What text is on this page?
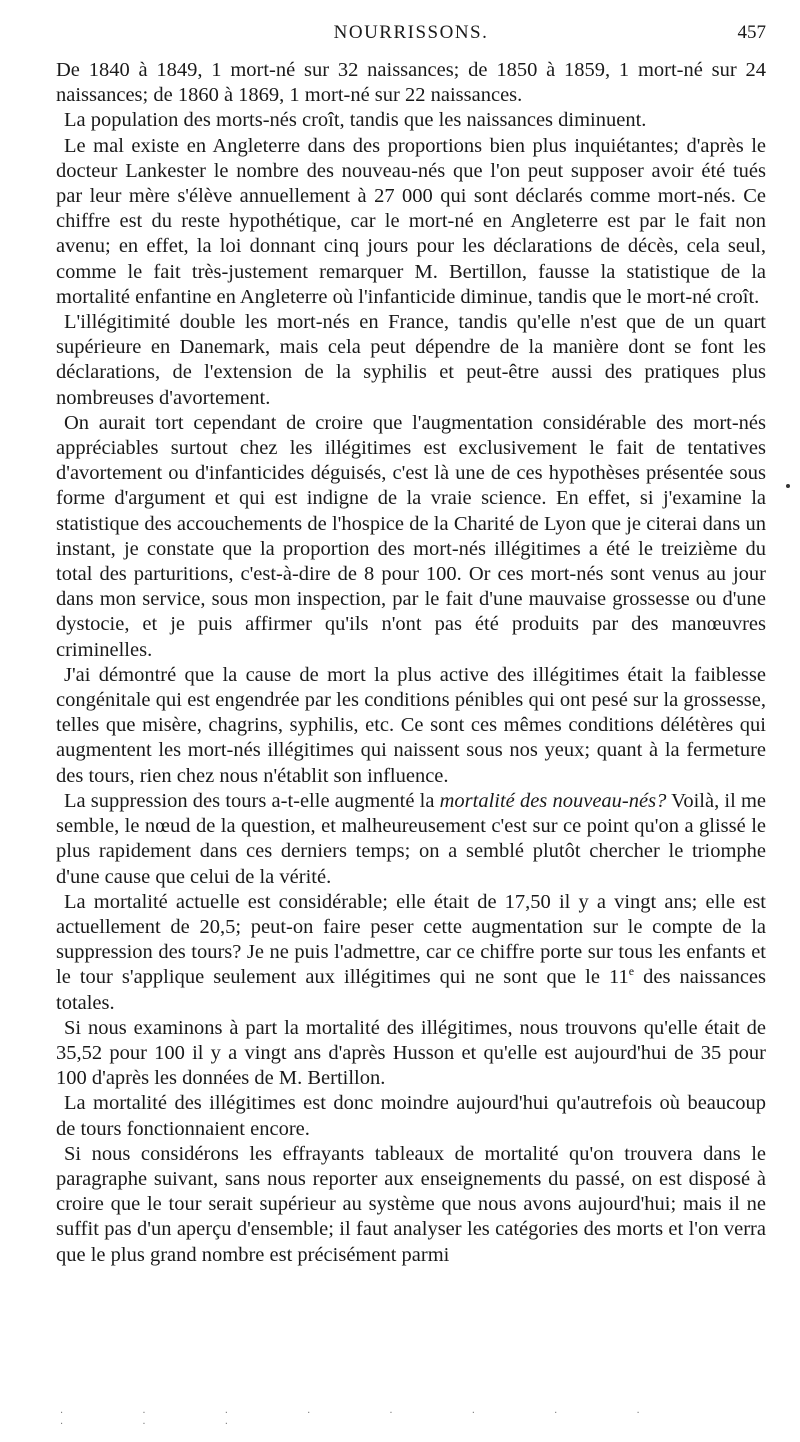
NOURRISSONS.	457

De 1840 à 1849, 1 mort-né sur 32 naissances; de 1850 à 1859, 1 mort-né sur 24 naissances; de 1860 à 1869, 1 mort-né sur 22 naissances.

La population des morts-nés croît, tandis que les naissances diminuent.

Le mal existe en Angleterre dans des proportions bien plus inquiétantes; d'après le docteur Lankester le nombre des nouveau-nés que l'on peut supposer avoir été tués par leur mère s'élève annuellement à 27 000 qui sont déclarés comme mort-nés. Ce chiffre est du reste hypothétique, car le mort-né en Angleterre est par le fait non avenu; en effet, la loi donnant cinq jours pour les déclarations de décès, cela seul, comme le fait très-justement remarquer M. Bertillon, fausse la statistique de la mortalité enfantine en Angleterre où l'infanticide diminue, tandis que le mort-né croît.

L'illégitimité double les mort-nés en France, tandis qu'elle n'est que de un quart supérieure en Danemark, mais cela peut dépendre de la manière dont se font les déclarations, de l'extension de la syphilis et peut-être aussi des pratiques plus nombreuses d'avortement.

On aurait tort cependant de croire que l'augmentation considérable des mort-nés appréciables surtout chez les illégitimes est exclusivement le fait de tentatives d'avortement ou d'infanticides déguisés, c'est là une de ces hypothèses présentée sous forme d'argument et qui est indigne de la vraie science. En effet, si j'examine la statistique des accouchements de l'hospice de la Charité de Lyon que je citerai dans un instant, je constate que la proportion des mort-nés illégitimes a été le treizième du total des parturitions, c'est-à-dire de 8 pour 100. Or ces mort-nés sont venus au jour dans mon service, sous mon inspection, par le fait d'une mauvaise grossesse ou d'une dystocie, et je puis affirmer qu'ils n'ont pas été produits par des manœuvres criminelles.

J'ai démontré que la cause de mort la plus active des illégitimes était la faiblesse congénitale qui est engendrée par les conditions pénibles qui ont pesé sur la grossesse, telles que misère, chagrins, syphilis, etc. Ce sont ces mêmes conditions délétères qui augmentent les mort-nés illégitimes qui naissent sous nos yeux; quant à la fermeture des tours, rien chez nous n'établit son influence.

La suppression des tours a-t-elle augmenté la mortalité des nouveau-nés? Voilà, il me semble, le nœud de la question, et malheureusement c'est sur ce point qu'on a glissé le plus rapidement dans ces derniers temps; on a semblé plutôt chercher le triomphe d'une cause que celui de la vérité.

La mortalité actuelle est considérable; elle était de 17,50 il y a vingt ans; elle est actuellement de 20,5; peut-on faire peser cette augmentation sur le compte de la suppression des tours? Je ne puis l'admettre, car ce chiffre porte sur tous les enfants et le tour s'applique seulement aux illégitimes qui ne sont que le 11e des naissances totales.

Si nous examinons à part la mortalité des illégitimes, nous trouvons qu'elle était de 35,52 pour 100 il y a vingt ans d'après Husson et qu'elle est aujourd'hui de 35 pour 100 d'après les données de M. Bertillon.

La mortalité des illégitimes est donc moindre aujourd'hui qu'autrefois où beaucoup de tours fonctionnaient encore.

Si nous considérons les effrayants tableaux de mortalité qu'on trouvera dans le paragraphe suivant, sans nous reporter aux enseignements du passé, on est disposé à croire que le tour serait supérieur au système que nous avons aujourd'hui; mais il ne suffit pas d'un aperçu d'ensemble; il faut analyser les catégories des morts et l'on verra que le plus grand nombre est précisément parmi

· · · · · · · · · · ·
